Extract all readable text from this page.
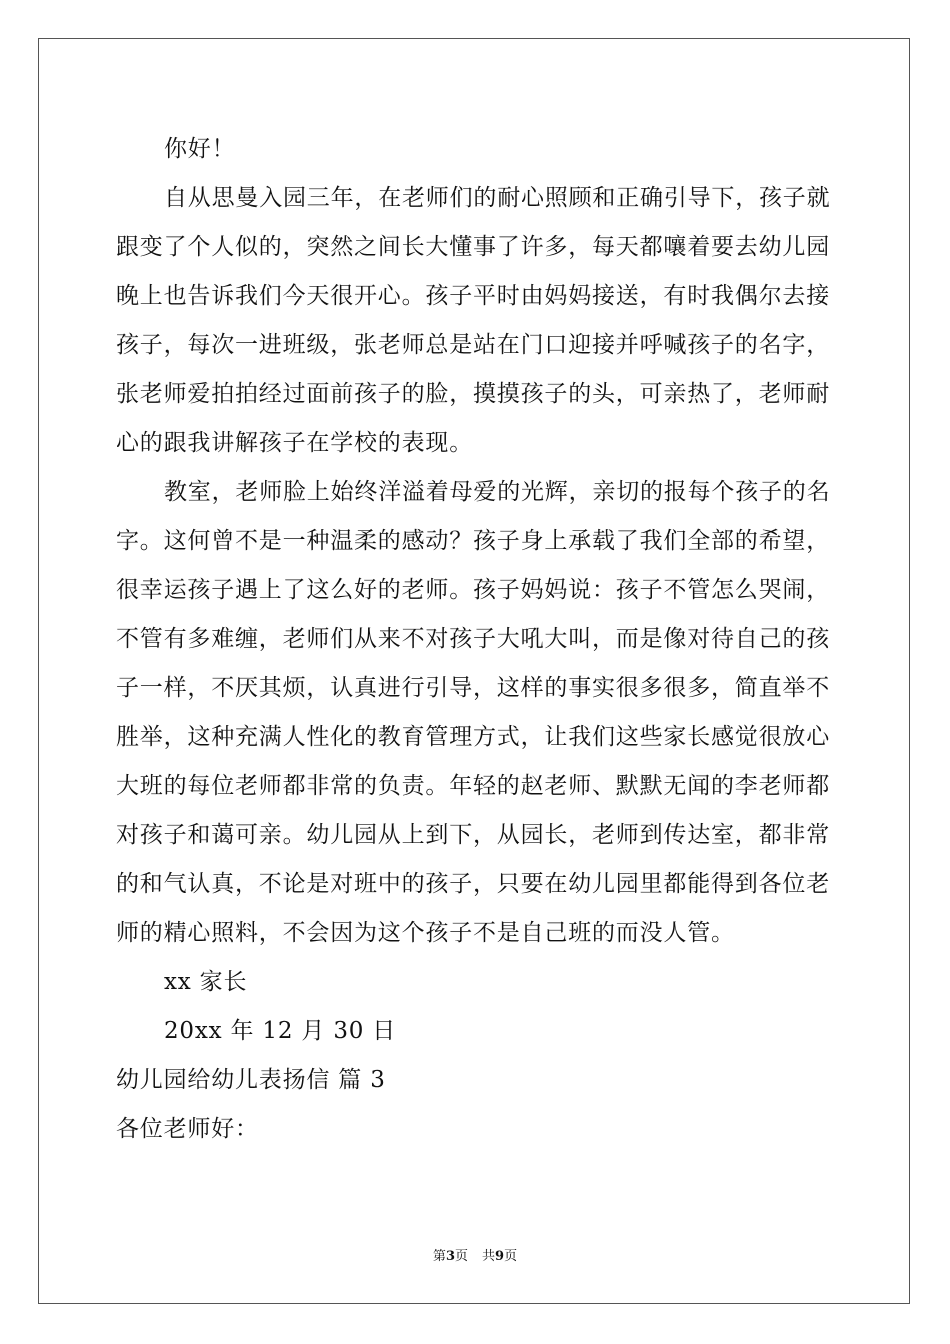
你好！
自从思曼入园三年，在老师们的耐心照顾和正确引导下，孩子就
跟变了个人似的，突然之间长大懂事了许多，每天都嚷着要去幼儿园
晚上也告诉我们今天很开心。孩子平时由妈妈接送，有时我偶尔去接
孩子，每次一进班级，张老师总是站在门口迎接并呼喊孩子的名字，
张老师爱拍拍经过面前孩子的脸，摸摸孩子的头，可亲热了，老师耐
心的跟我讲解孩子在学校的表现。
教室，老师脸上始终洋溢着母爱的光辉，亲切的报每个孩子的名
字。这何曾不是一种温柔的感动？孩子身上承载了我们全部的希望，
很幸运孩子遇上了这么好的老师。孩子妈妈说：孩子不管怎么哭闹，
不管有多难缠，老师们从来不对孩子大吼大叫，而是像对待自己的孩
子一样，不厌其烦，认真进行引导，这样的事实很多很多，简直举不
胜举，这种充满人性化的教育管理方式，让我们这些家长感觉很放心
大班的每位老师都非常的负责。年轻的赵老师、默默无闻的李老师都
对孩子和蔼可亲。幼儿园从上到下，从园长，老师到传达室，都非常
的和气认真，不论是对班中的孩子，只要在幼儿园里都能得到各位老
师的精心照料，不会因为这个孩子不是自己班的而没人管。
xx 家长
20xx 年 12 月 30 日
幼儿园给幼儿表扬信 篇 3
各位老师好：
第3页 共9页
